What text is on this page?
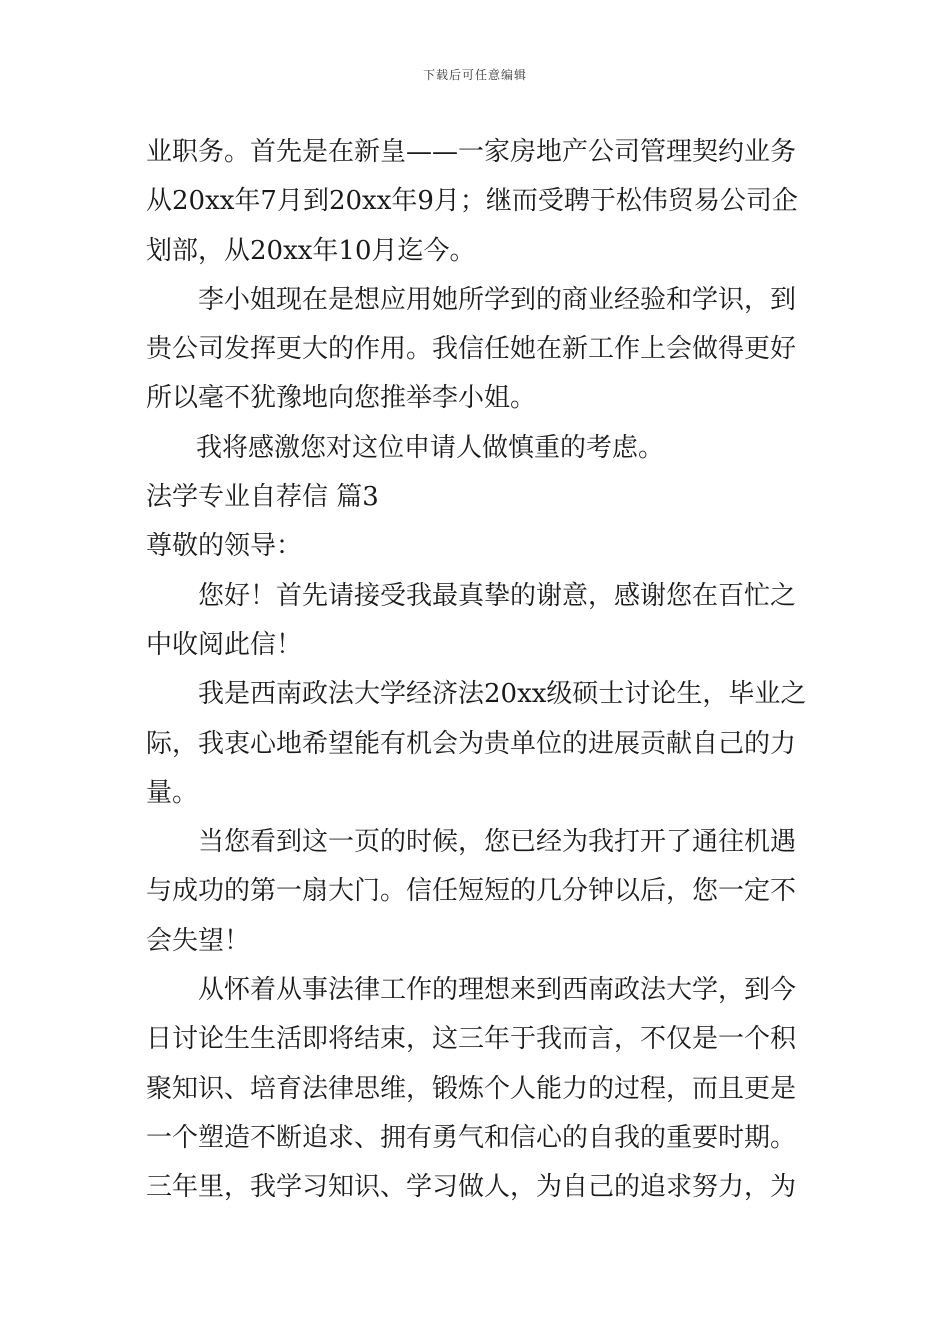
下载后可任意编辑
业职务。首先是在新皇——一家房地产公司管理契约业务
从20xx年7月到20xx年9月；继而受聘于松伟贸易公司企
划部，从20xx年10月迄今。
李小姐现在是想应用她所学到的商业经验和学识，到
贵公司发挥更大的作用。我信任她在新工作上会做得更好
所以毫不犹豫地向您推举李小姐。
我将感激您对这位申请人做慎重的考虑。
法学专业自荐信 篇3
尊敬的领导：
您好！首先请接受我最真挚的谢意，感谢您在百忙之
中收阅此信！
我是西南政法大学经济法20xx级硕士讨论生，毕业之
际，我衷心地希望能有机会为贵单位的进展贡献自己的力
量。
当您看到这一页的时候，您已经为我打开了通往机遇
与成功的第一扇大门。信任短短的几分钟以后，您一定不
会失望！
从怀着从事法律工作的理想来到西南政法大学，到今
日讨论生生活即将结束，这三年于我而言，不仅是一个积
聚知识、培育法律思维，锻炼个人能力的过程，而且更是
一个塑造不断追求、拥有勇气和信心的自我的重要时期。
三年里，我学习知识、学习做人，为自己的追求努力，为
